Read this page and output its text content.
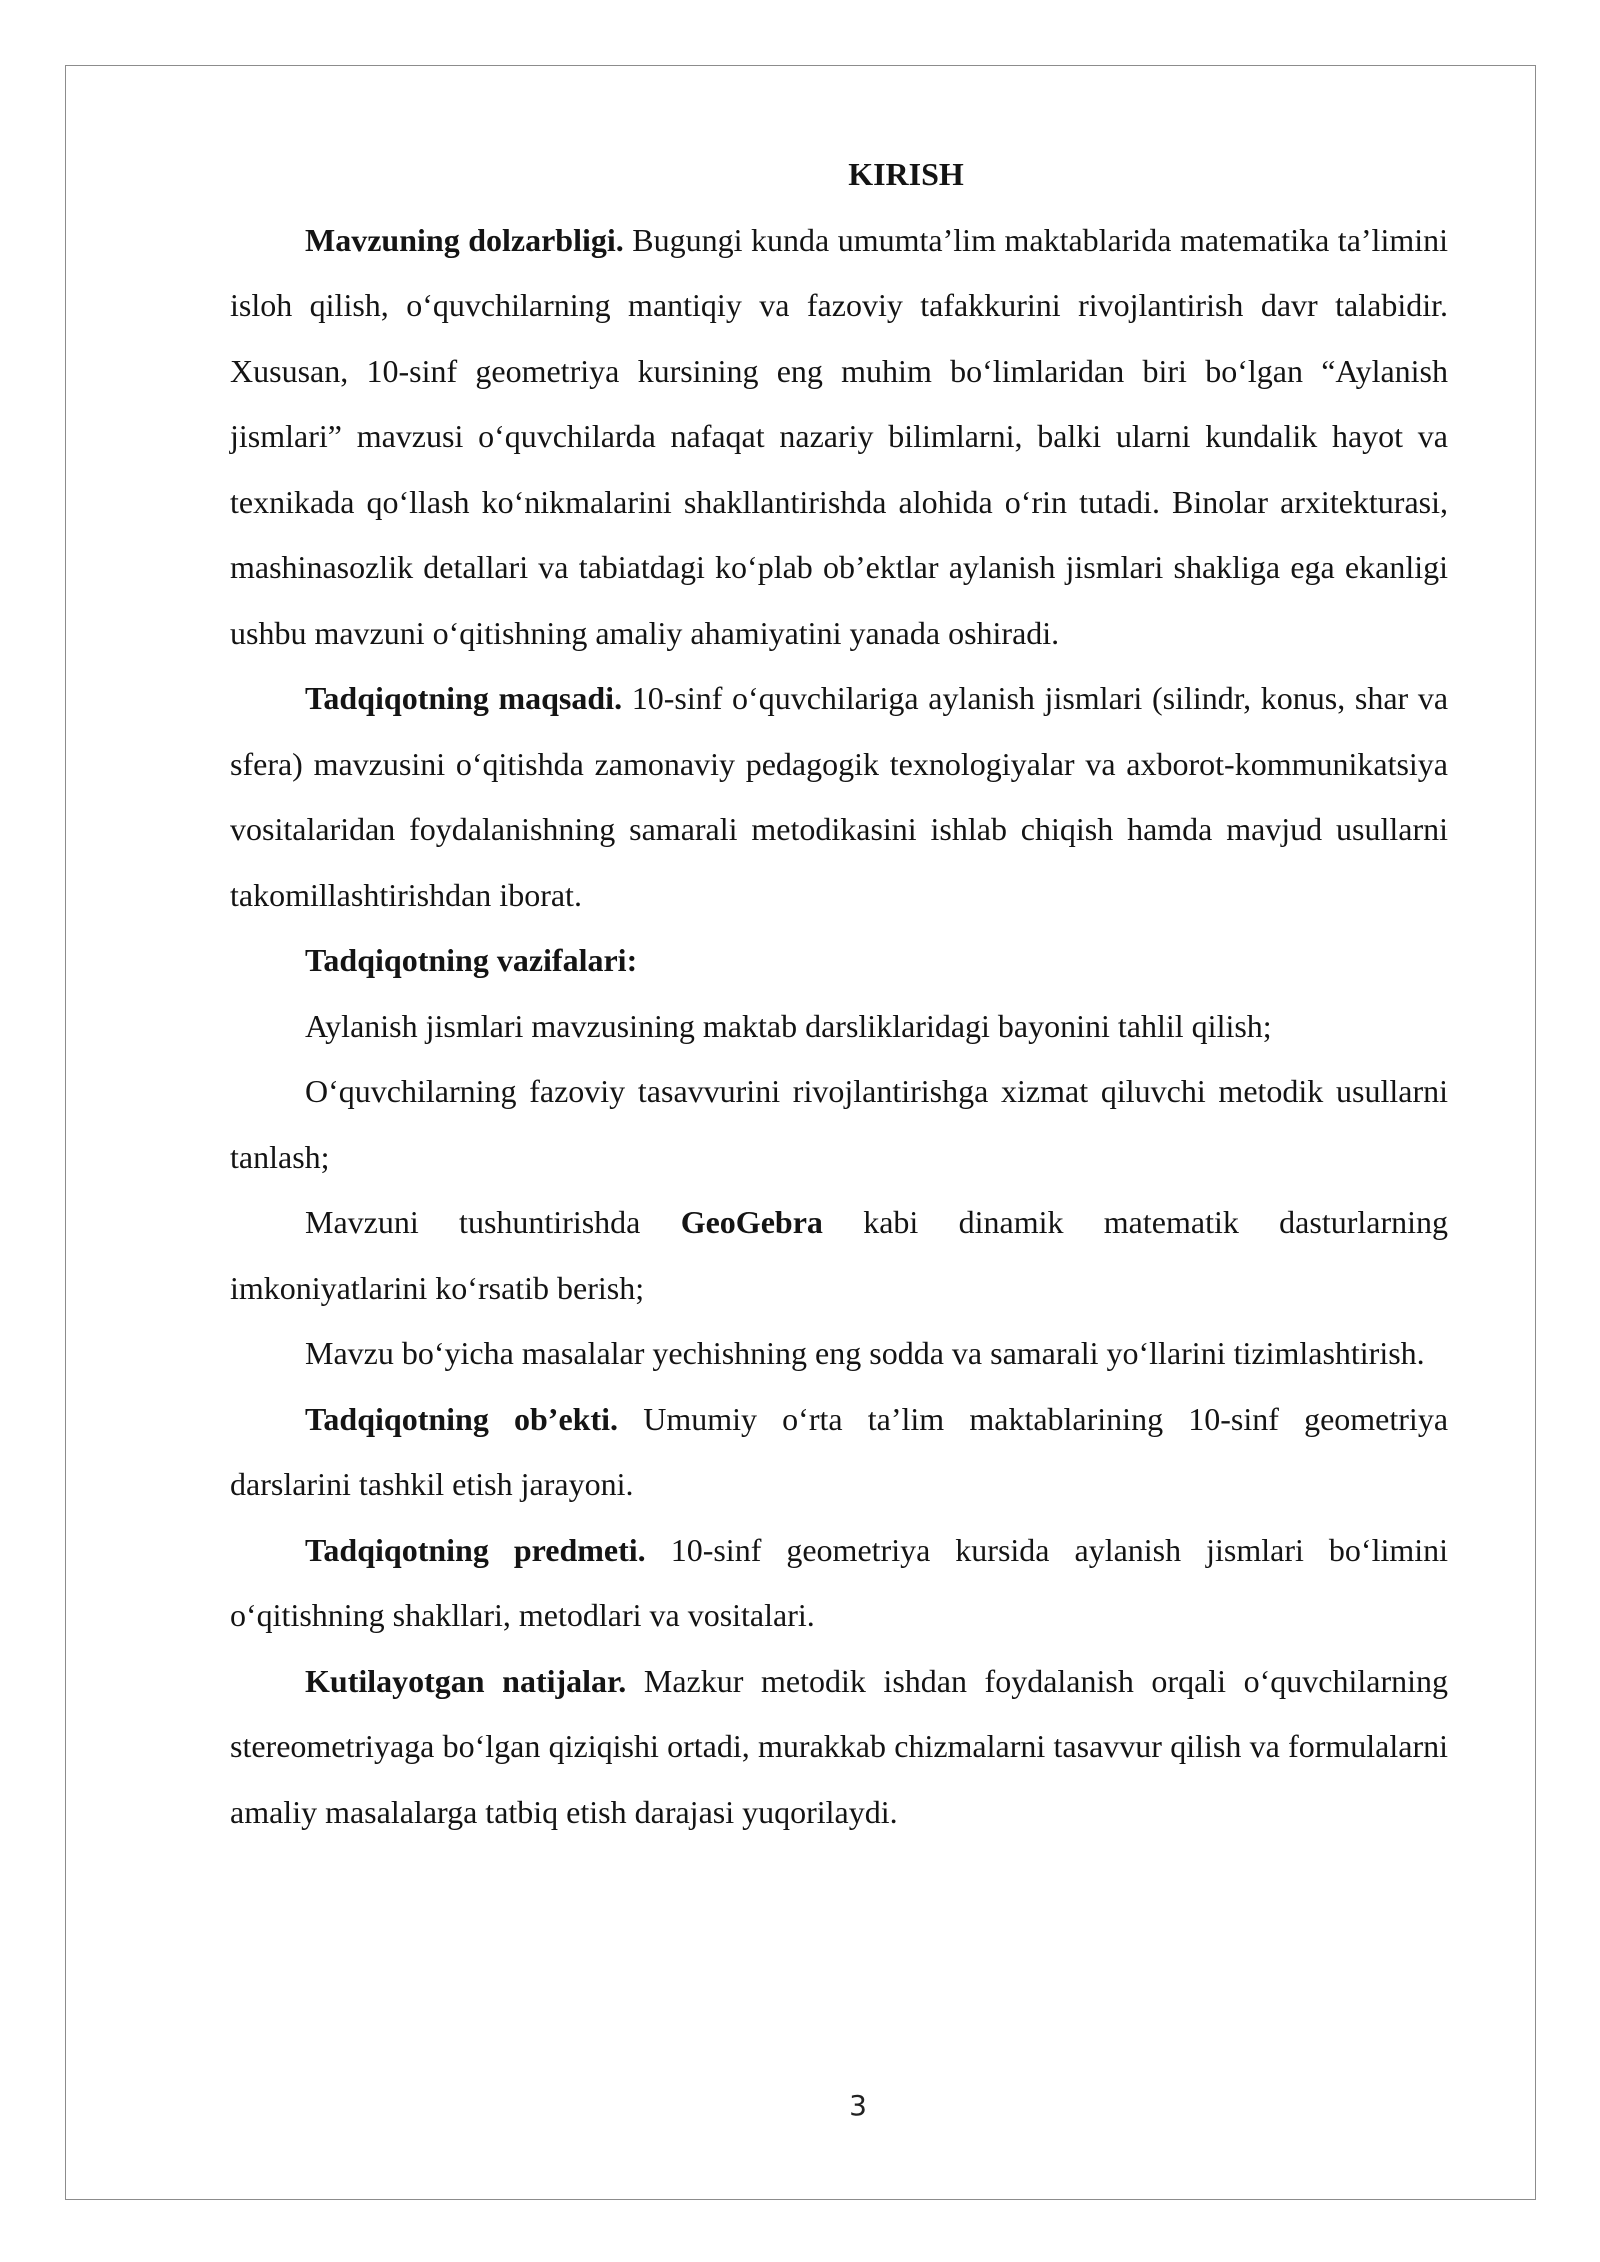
KIRISH

Mavzuning dolzarbligi. Bugungi kunda umumta’lim maktablarida matematika ta’limini isloh qilish, o‘quvchilarning mantiqiy va fazoviy tafakkurini rivojlantirish davr talabidir. Xususan, 10-sinf geometriya kursining eng muhim bo‘limlaridan biri bo‘lgan “Aylanish jismlari” mavzusi o‘quvchilarda nafaqat nazariy bilimlarni, balki ularni kundalik hayot va texnikada qo‘llash ko‘nikmalarini shakllantirishda alohida o‘rin tutadi. Binolar arxitekturasi, mashinasozlik detallari va tabiatdagi ko‘plab ob’ektlar aylanish jismlari shakliga ega ekanligi ushbu mavzuni o‘qitishning amaliy ahamiyatini yanada oshiradi.

Tadqiqotning maqsadi. 10-sinf o‘quvchilariga aylanish jismlari (silindr, konus, shar va sfera) mavzusini o‘qitishda zamonaviy pedagogik texnologiyalar va axborot-kommunikatsiya vositalaridan foydalanishning samarali metodikasini ishlab chiqish hamda mavjud usullarni takomillashtirishdan iborat.

Tadqiqotning vazifalari:

Aylanish jismlari mavzusining maktab darsliklaridagi bayonini tahlil qilish;

O‘quvchilarning fazoviy tasavvurini rivojlantirishga xizmat qiluvchi metodik usullarni tanlash;

Mavzuni tushuntirishda GeoGebra kabi dinamik matematik dasturlarning imkoniyatlarini ko‘rsatib berish;

Mavzu bo‘yicha masalalar yechishning eng sodda va samarali yo‘llarini tizimlashtirish.

Tadqiqotning ob’ekti. Umumiy o‘rta ta’lim maktablarining 10-sinf geometriya darslarini tashkil etish jarayoni.

Tadqiqotning predmeti. 10-sinf geometriya kursida aylanish jismlari bo‘limini o‘qitishning shakllari, metodlari va vositalari.

Kutilayotgan natijalar. Mazkur metodik ishdan foydalanish orqali o‘quvchilarning stereometriyaga bo‘lgan qiziqishi ortadi, murakkab chizmalarni tasavvur qilish va formulalarni amaliy masalalarga tatbiq etish darajasi yuqorilaydi.

3
